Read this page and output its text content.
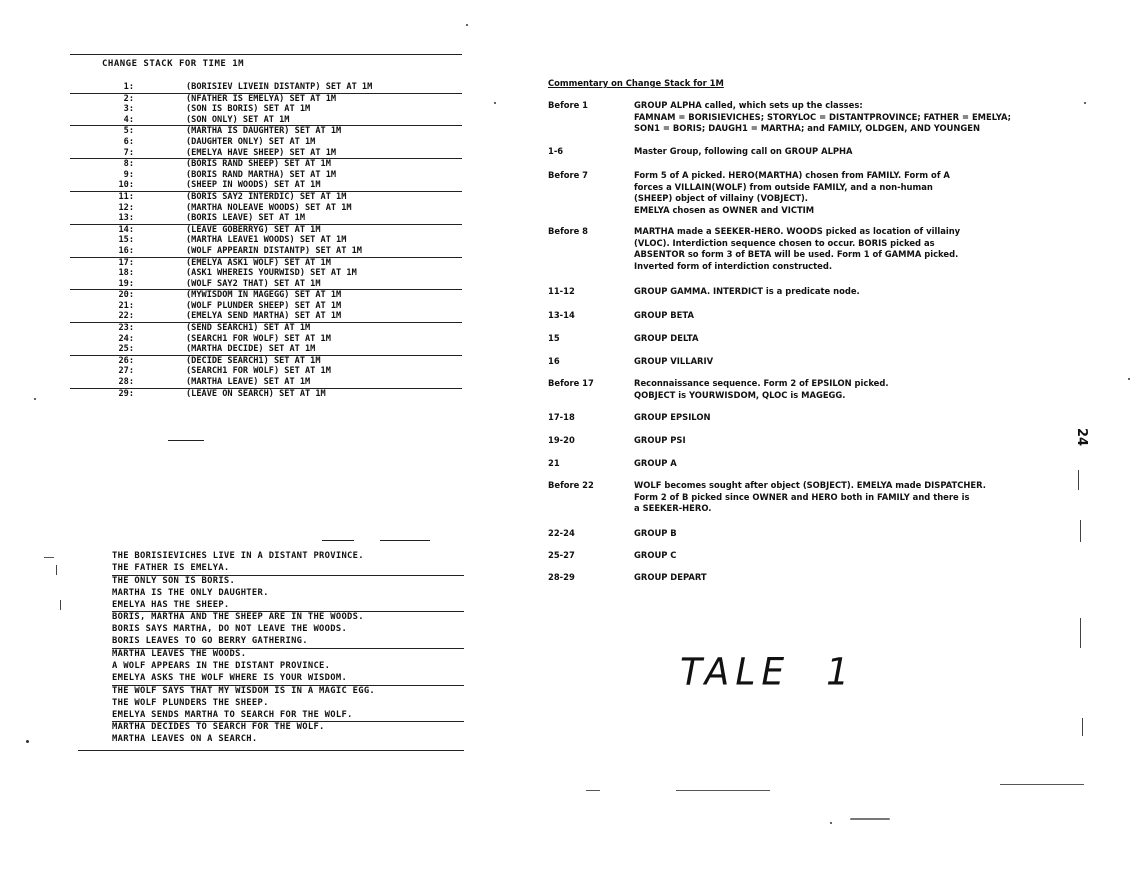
CHANGE STACK FOR TIME 1M
1:	(BORISIEV LIVEIN DISTANTP) SET AT 1M
2:	(NFATHER IS EMELYA) SET AT 1M
3:	(SON IS BORIS) SET AT 1M
4:	(SON ONLY) SET AT 1M
5:	(MARTHA IS DAUGHTER) SET AT 1M
6:	(DAUGHTER ONLY) SET AT 1M
7:	(EMELYA HAVE SHEEP) SET AT 1M
8:	(BORIS RAND SHEEP) SET AT 1M
9:	(BORIS RAND MARTHA) SET AT 1M
10:	(SHEEP IN WOODS) SET AT 1M
11:	(BORIS SAY2 INTERDIC) SET AT 1M
12:	(MARTHA NOLEAVE WOODS) SET AT 1M
13:	(BORIS LEAVE) SET AT 1M
14:	(LEAVE GOBERRYG) SET AT 1M
15:	(MARTHA LEAVE1 WOODS) SET AT 1M
16:	(WOLF APPEARIN DISTANTP) SET AT 1M
17:	(EMELYA ASK1 WOLF) SET AT 1M
18:	(ASK1 WHEREIS YOURWISD) SET AT 1M
19:	(WOLF SAY2 THAT) SET AT 1M
20:	(MYWISDOM IN MAGEGG) SET AT 1M
21:	(WOLF PLUNDER SHEEP) SET AT 1M
22:	(EMELYA SEND MARTHA) SET AT 1M
23:	(SEND SEARCH1) SET AT 1M
24:	(SEARCH1 FOR WOLF) SET AT 1M
25:	(MARTHA DECIDE) SET AT 1M
26:	(DECIDE SEARCH1) SET AT 1M
27:	(SEARCH1 FOR WOLF) SET AT 1M
28:	(MARTHA LEAVE) SET AT 1M
29:	(LEAVE ON SEARCH) SET AT 1M
THE BORISIEVICHES LIVE IN A DISTANT PROVINCE.
THE FATHER IS EMELYA.
THE ONLY SON IS BORIS.
MARTHA IS THE ONLY DAUGHTER.
EMELYA HAS THE SHEEP.
BORIS, MARTHA AND THE SHEEP ARE IN THE WOODS.
BORIS SAYS MARTHA, DO NOT LEAVE THE WOODS.
BORIS LEAVES TO GO BERRY GATHERING.
MARTHA LEAVES THE WOODS.
A WOLF APPEARS IN THE DISTANT PROVINCE.
EMELYA ASKS THE WOLF WHERE IS YOUR WISDOM.
THE WOLF SAYS THAT MY WISDOM IS IN A MAGIC EGG.
THE WOLF PLUNDERS THE SHEEP.
EMELYA SENDS MARTHA TO SEARCH FOR THE WOLF.
MARTHA DECIDES TO SEARCH FOR THE WOLF.
MARTHA LEAVES ON A SEARCH.
Commentary on Change Stack for 1M
Before 1	GROUP ALPHA called, which sets up the classes:
FAMNAM = BORISIEVICHES; STORYLOC = DISTANTPROVINCE; FATHER = EMELYA;
SON1 = BORIS; DAUGH1 = MARTHA; and FAMILY, OLDGEN, AND YOUNGEN
1-6	Master Group, following call on GROUP ALPHA
Before 7	Form 5 of A picked. HERO(MARTHA) chosen from FAMILY. Form of A
forces a VILLAIN(WOLF) from outside FAMILY, and a non-human
(SHEEP) object of villainy (VOBJECT).
EMELYA chosen as OWNER and VICTIM
Before 8	MARTHA made a SEEKER-HERO. WOODS picked as location of villainy
(VLOC). Interdiction sequence chosen to occur. BORIS picked as
ABSENTOR so form 3 of BETA will be used. Form 1 of GAMMA picked.
Inverted form of interdiction constructed.
11-12	GROUP GAMMA. INTERDICT is a predicate node.
13-14	GROUP BETA
15	GROUP DELTA
16	GROUP VILLARIV
Before 17	Reconnaissance sequence. Form 2 of EPSILON picked.
QOBJECT is YOURWISDOM, QLOC is MAGEGG.
17-18	GROUP EPSILON
19-20	GROUP PSI
21	GROUP A
Before 22	WOLF becomes sought after object (SOBJECT). EMELYA made DISPATCHER.
Form 2 of B picked since OWNER and HERO both in FAMILY and there is
a SEEKER-HERO.
22-24	GROUP B
25-27	GROUP C
28-29	GROUP DEPART
TALE 1
24
